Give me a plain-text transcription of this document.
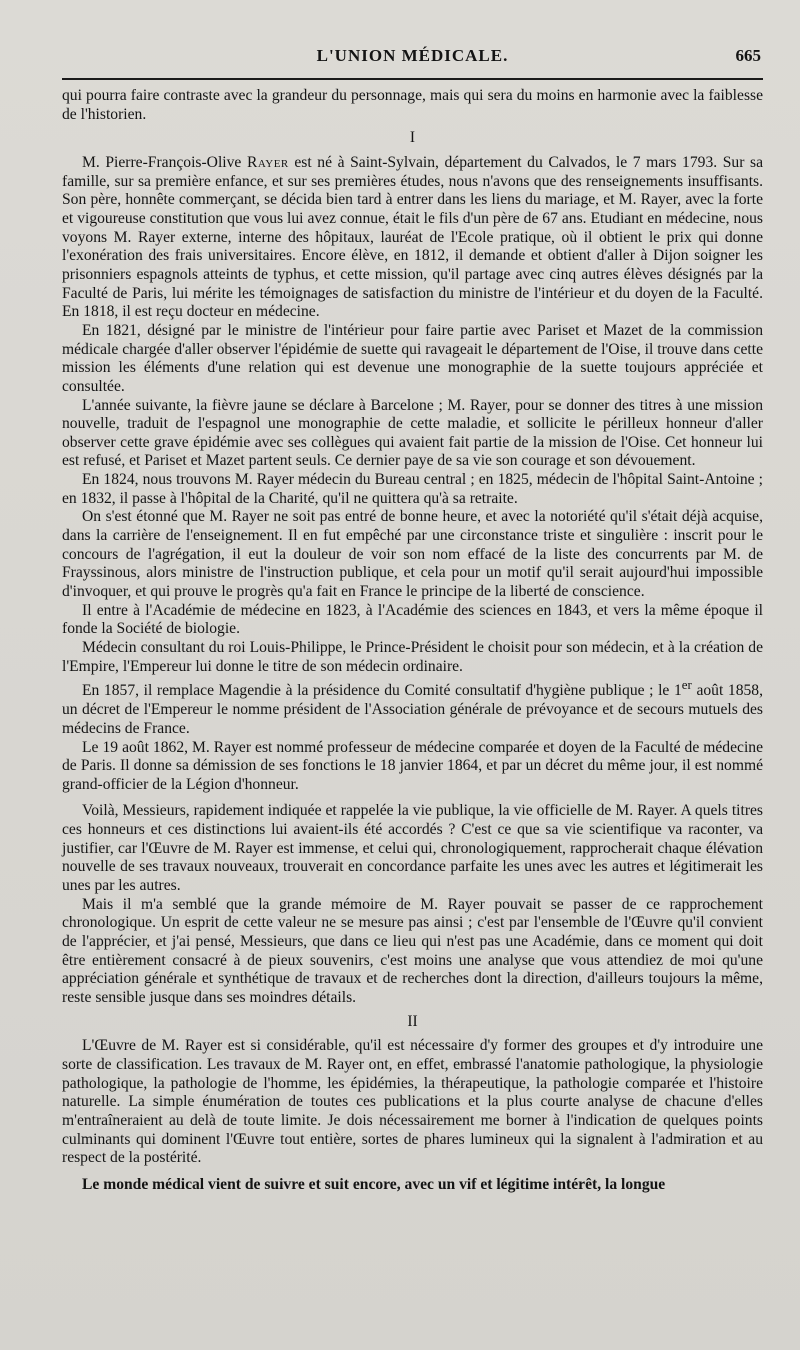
L'UNION MÉDICALE.	665

qui pourra faire contraste avec la grandeur du personnage, mais qui sera du moins en harmonie avec la faiblesse de l'historien.

I

M. Pierre-François-Olive Rayer est né à Saint-Sylvain, département du Calvados, le 7 mars 1793. Sur sa famille, sur sa première enfance, et sur ses premières études, nous n'avons que des renseignements insuffisants. Son père, honnête commerçant, se décida bien tard à entrer dans les liens du mariage, et M. Rayer, avec la forte et vigoureuse constitution que vous lui avez connue, était le fils d'un père de 67 ans. Etudiant en médecine, nous voyons M. Rayer externe, interne des hôpitaux, lauréat de l'Ecole pratique, où il obtient le prix qui donne l'exonération des frais universitaires. Encore élève, en 1812, il demande et obtient d'aller à Dijon soigner les prisonniers espagnols atteints de typhus, et cette mission, qu'il partage avec cinq autres élèves désignés par la Faculté de Paris, lui mérite les témoignages de satisfaction du ministre de l'intérieur et du doyen de la Faculté. En 1818, il est reçu docteur en médecine.

En 1821, désigné par le ministre de l'intérieur pour faire partie avec Pariset et Mazet de la commission médicale chargée d'aller observer l'épidémie de suette qui ravageait le département de l'Oise, il trouve dans cette mission les éléments d'une relation qui est devenue une monographie de la suette toujours appréciée et consultée.

L'année suivante, la fièvre jaune se déclare à Barcelone ; M. Rayer, pour se donner des titres à une mission nouvelle, traduit de l'espagnol une monographie de cette maladie, et sollicite le périlleux honneur d'aller observer cette grave épidémie avec ses collègues qui avaient fait partie de la mission de l'Oise. Cet honneur lui est refusé, et Pariset et Mazet partent seuls. Ce dernier paye de sa vie son courage et son dévouement.

En 1824, nous trouvons M. Rayer médecin du Bureau central ; en 1825, médecin de l'hôpital Saint-Antoine ; en 1832, il passe à l'hôpital de la Charité, qu'il ne quittera qu'à sa retraite.

On s'est étonné que M. Rayer ne soit pas entré de bonne heure, et avec la notoriété qu'il s'était déjà acquise, dans la carrière de l'enseignement. Il en fut empêché par une circonstance triste et singulière : inscrit pour le concours de l'agrégation, il eut la douleur de voir son nom effacé de la liste des concurrents par M. de Frayssinous, alors ministre de l'instruction publique, et cela pour un motif qu'il serait aujourd'hui impossible d'invoquer, et qui prouve le progrès qu'a fait en France le principe de la liberté de conscience.

Il entre à l'Académie de médecine en 1823, à l'Académie des sciences en 1843, et vers la même époque il fonde la Société de biologie.

Médecin consultant du roi Louis-Philippe, le Prince-Président le choisit pour son médecin, et à la création de l'Empire, l'Empereur lui donne le titre de son médecin ordinaire.

En 1857, il remplace Magendie à la présidence du Comité consultatif d'hygiène publique ; le 1er août 1858, un décret de l'Empereur le nomme président de l'Association générale de prévoyance et de secours mutuels des médecins de France.

Le 19 août 1862, M. Rayer est nommé professeur de médecine comparée et doyen de la Faculté de médecine de Paris. Il donne sa démission de ses fonctions le 18 janvier 1864, et par un décret du même jour, il est nommé grand-officier de la Légion d'honneur.

Voilà, Messieurs, rapidement indiquée et rappelée la vie publique, la vie officielle de M. Rayer. A quels titres ces honneurs et ces distinctions lui avaient-ils été accordés ? C'est ce que sa vie scientifique va raconter, va justifier, car l'Œuvre de M. Rayer est immense, et celui qui, chronologiquement, rapprocherait chaque élévation nouvelle de ses travaux nouveaux, trouverait en concordance parfaite les unes avec les autres et légitimerait les unes par les autres.

Mais il m'a semblé que la grande mémoire de M. Rayer pouvait se passer de ce rapprochement chronologique. Un esprit de cette valeur ne se mesure pas ainsi ; c'est par l'ensemble de l'Œuvre qu'il convient de l'apprécier, et j'ai pensé, Messieurs, que dans ce lieu qui n'est pas une Académie, dans ce moment qui doit être entièrement consacré à de pieux souvenirs, c'est moins une analyse que vous attendiez de moi qu'une appréciation générale et synthétique de travaux et de recherches dont la direction, d'ailleurs toujours la même, reste sensible jusque dans ses moindres détails.

II

L'Œuvre de M. Rayer est si considérable, qu'il est nécessaire d'y former des groupes et d'y introduire une sorte de classification. Les travaux de M. Rayer ont, en effet, embrassé l'anatomie pathologique, la physiologie pathologique, la pathologie de l'homme, les épidémies, la thérapeutique, la pathologie comparée et l'histoire naturelle. La simple énumération de toutes ces publications et la plus courte analyse de chacune d'elles m'entraîneraient au delà de toute limite. Je dois nécessairement me borner à l'indication de quelques points culminants qui dominent l'Œuvre tout entière, sortes de phares lumineux qui la signalent à l'admiration et au respect de la postérité.

Le monde médical vient de suivre et suit encore, avec un vif et légitime intérêt, la longue
